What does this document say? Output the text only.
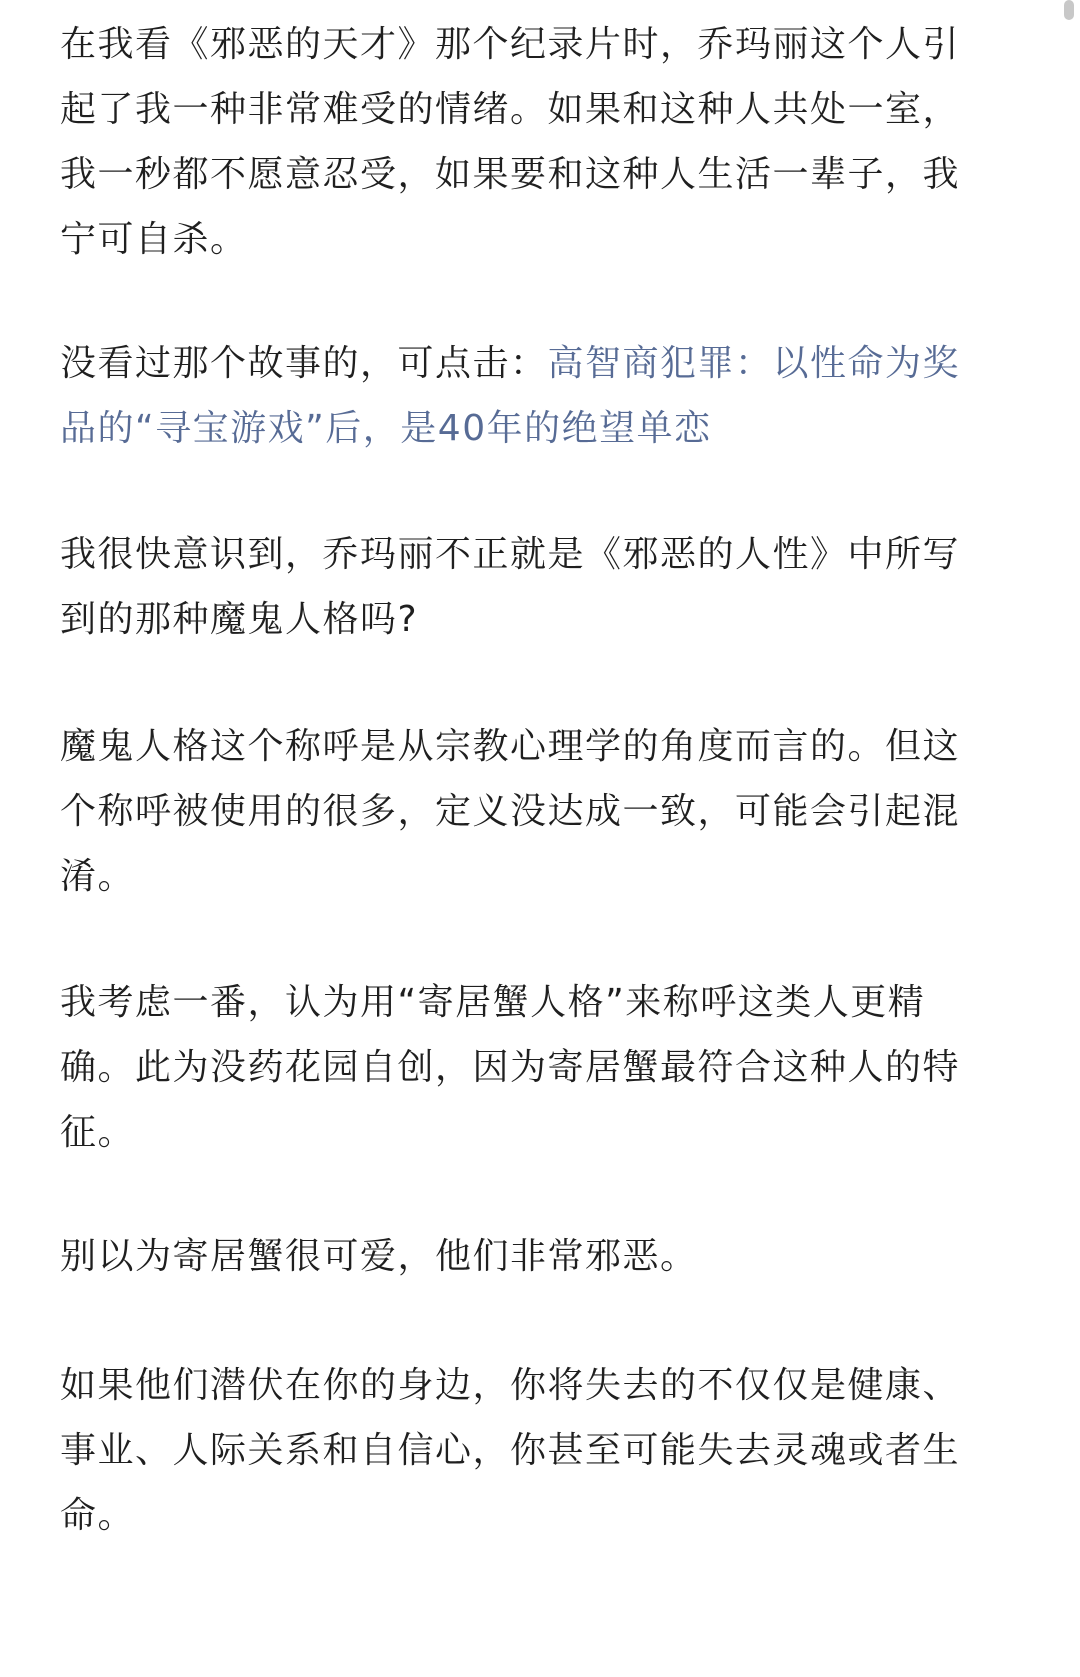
在我看《邪恶的天才》那个纪录片时，乔玛丽这个人引
起了我一种非常难受的情绪。如果和这种人共处一室，
我一秒都不愿意忍受，如果要和这种人生活一辈子，我
宁可自杀。

没看过那个故事的，可点击：高智商犯罪：以性命为奖
品的“寻宝游戏”后，是40年的绝望单恋

我很快意识到，乔玛丽不正就是《邪恶的人性》中所写
到的那种魔鬼人格吗?

魔鬼人格这个称呼是从宗教心理学的角度而言的。但这
个称呼被使用的很多，定义没达成一致，可能会引起混
淆。

我考虑一番，认为用“寄居蟹人格”来称呼这类人更精
确。此为没药花园自创，因为寄居蟹最符合这种人的特
征。

别以为寄居蟹很可爱，他们非常邪恶。

如果他们潜伏在你的身边，你将失去的不仅仅是健康、
事业、人际关系和自信心，你甚至可能失去灵魂或者生
命。
